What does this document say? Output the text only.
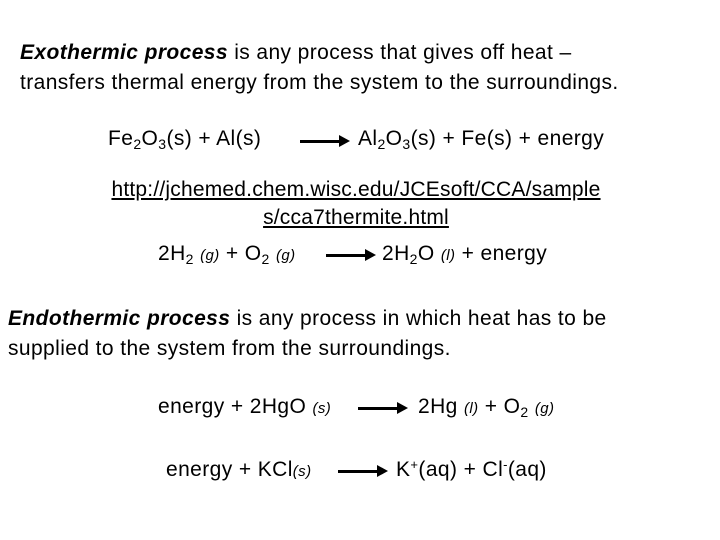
Exothermic process is any process that gives off heat –
transfers thermal energy from the system to the surroundings.
$Fe_2O_3(s) + Al(s) \to Al_2O_3(s) + Fe(s)$ + energy
http://jchemed.chem.wisc.edu/JCEsoft/CCA/sample
s/cca7thermite.html
$2H_2$ $(g) + O_2$ $(g) \to 2H_2O$ (l) + energy
Endothermic process is any process in which heat has to be
supplied to the system from the surroundings.
energy + 2HgO (s) → 2Hg $(l) + O_2$ (g)
energy + KCl(s) → K+(aq) + Cl-(aq)
